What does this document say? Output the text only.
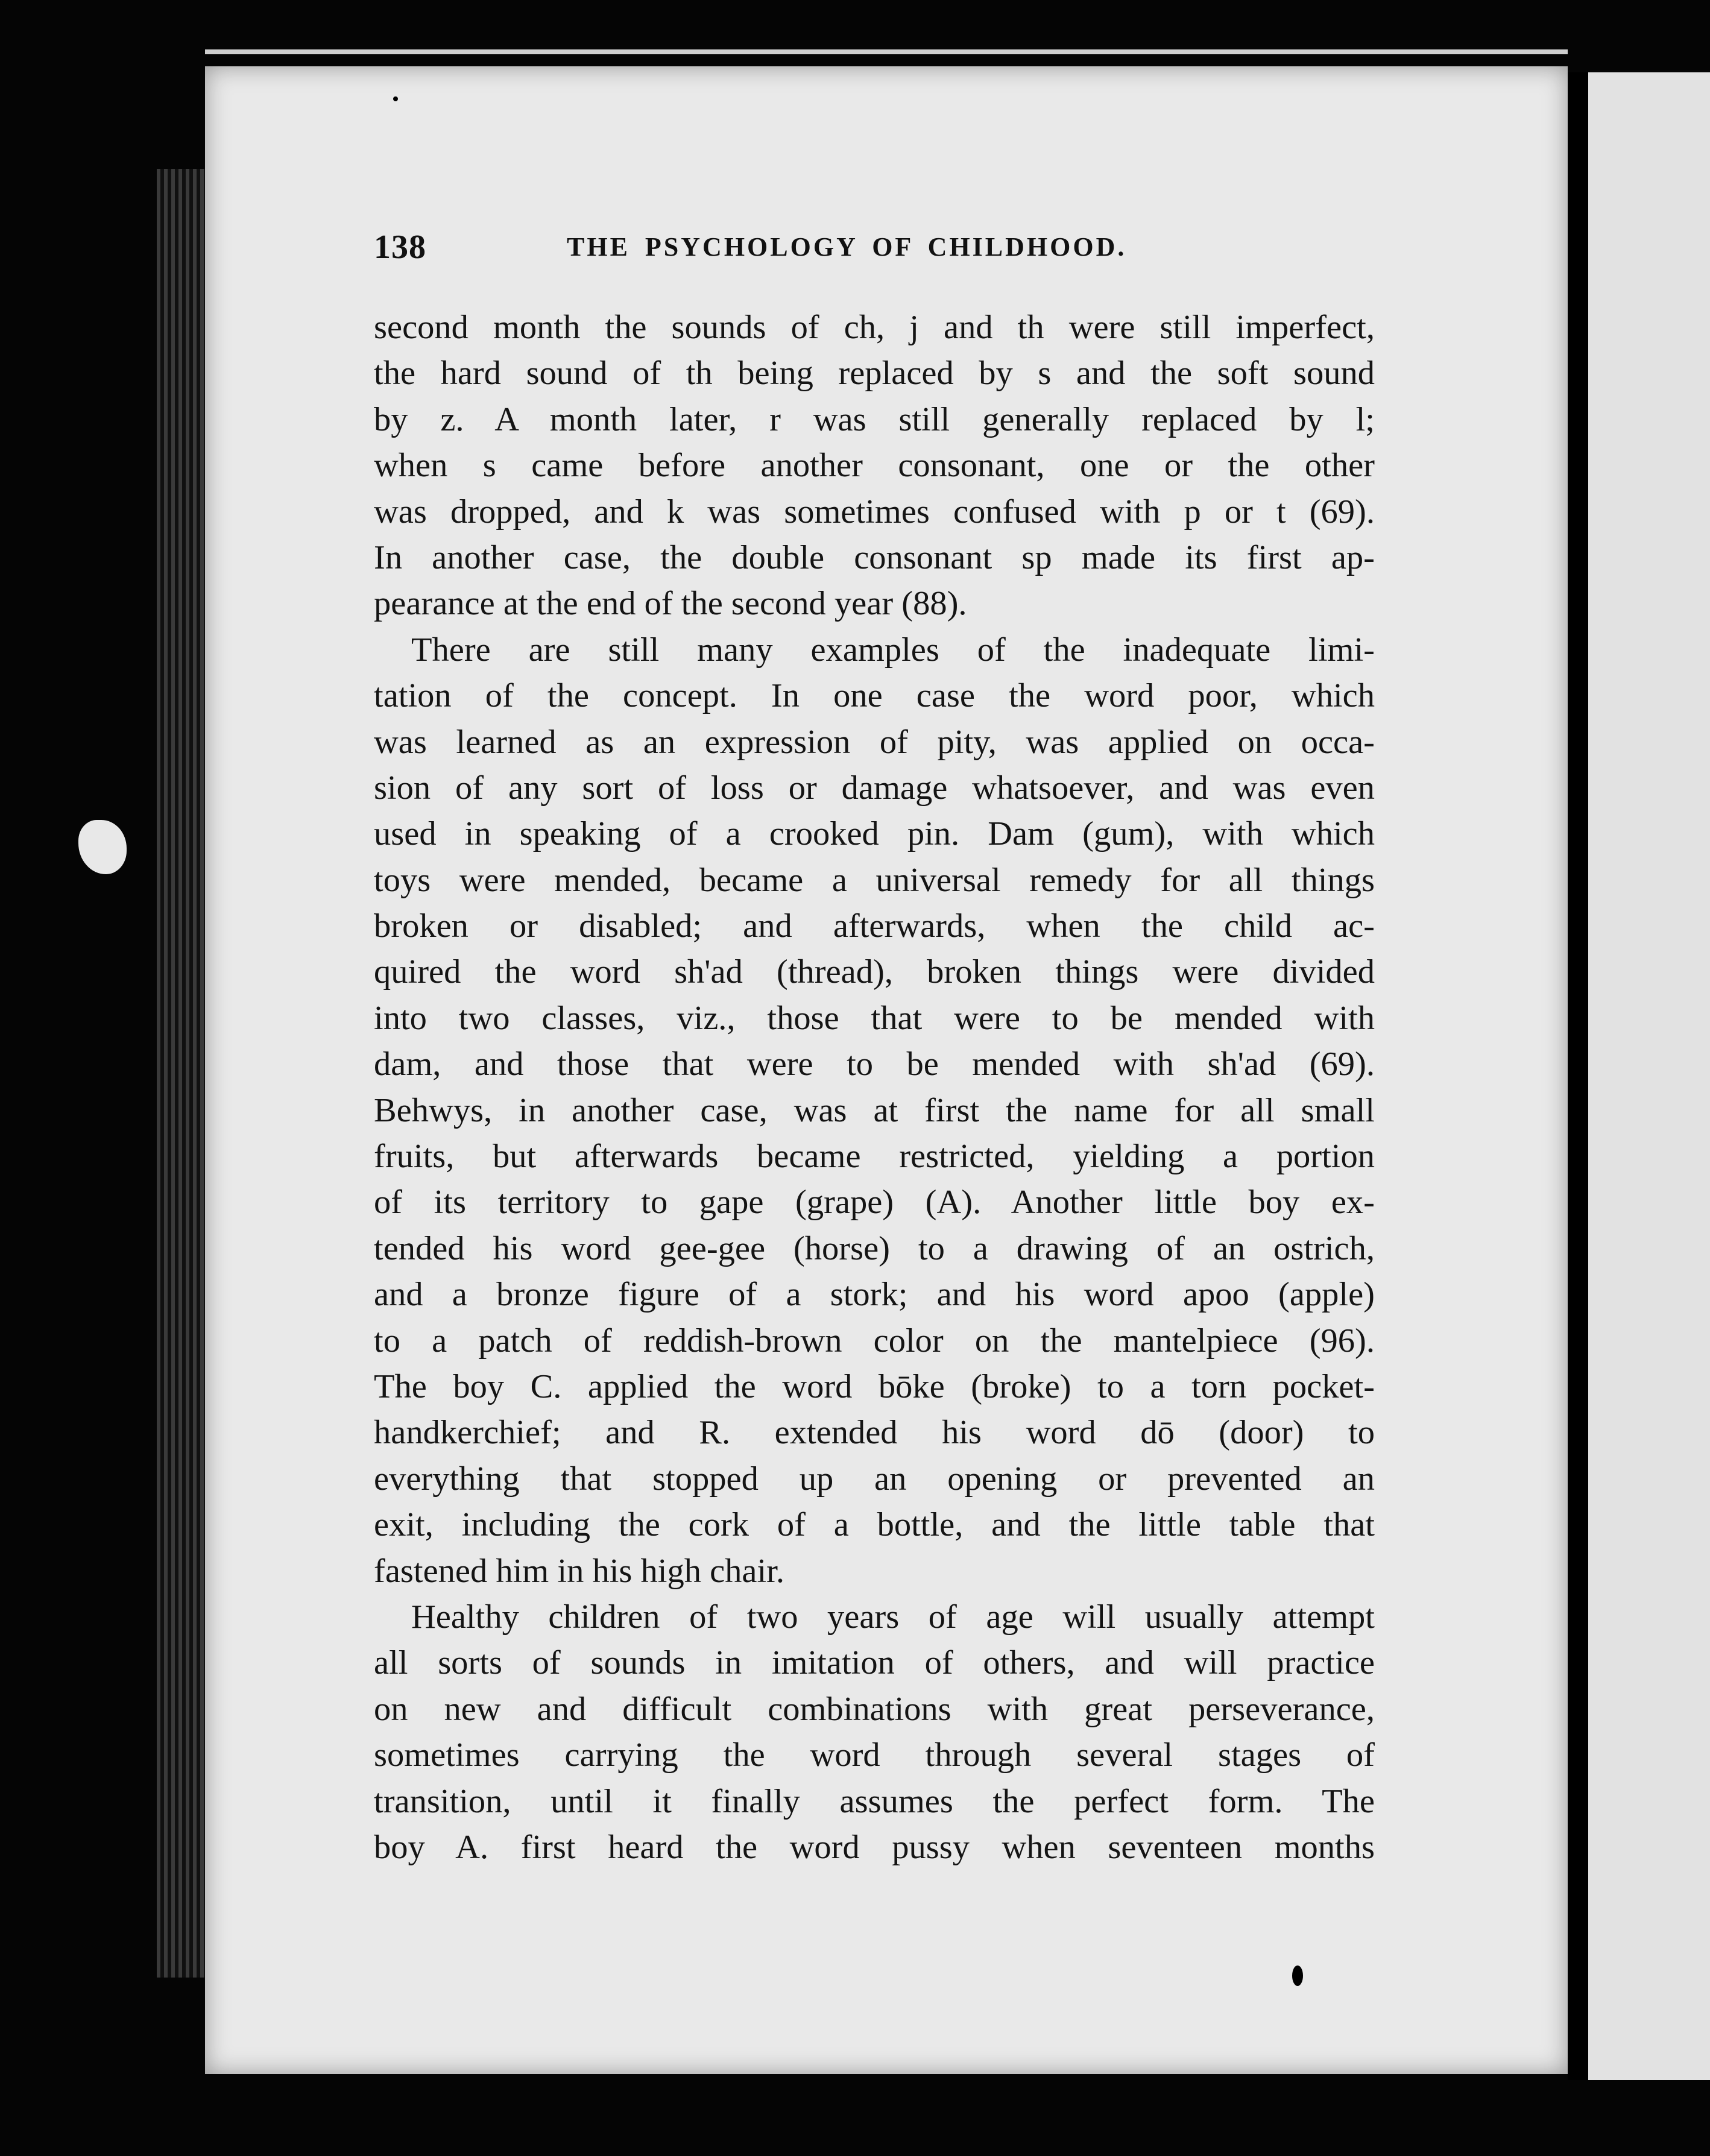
138	THE PSYCHOLOGY OF CHILDHOOD.
second month the sounds of ch, j and th were still imperfect,
the hard sound of th being replaced by s and the soft sound
by z. A month later, r was still generally replaced by l;
when s came before another consonant, one or the other
was dropped, and k was sometimes confused with p or t (69).
In another case, the double consonant sp made its first ap-
pearance at the end of the second year (88).
There are still many examples of the inadequate limi-
tation of the concept. In one case the word poor, which
was learned as an expression of pity, was applied on occa-
sion of any sort of loss or damage whatsoever, and was even
used in speaking of a crooked pin. Dam (gum), with which
toys were mended, became a universal remedy for all things
broken or disabled; and afterwards, when the child ac-
quired the word sh'ad (thread), broken things were divided
into two classes, viz., those that were to be mended with
dam, and those that were to be mended with sh'ad (69).
Behwys, in another case, was at first the name for all small
fruits, but afterwards became restricted, yielding a portion
of its territory to gape (grape) (A). Another little boy ex-
tended his word gee-gee (horse) to a drawing of an ostrich,
and a bronze figure of a stork; and his word apoo (apple)
to a patch of reddish-brown color on the mantelpiece (96).
The boy C. applied the word bōke (broke) to a torn pocket-
handkerchief; and R. extended his word dō (door) to
everything that stopped up an opening or prevented an
exit, including the cork of a bottle, and the little table that
fastened him in his high chair.
Healthy children of two years of age will usually attempt
all sorts of sounds in imitation of others, and will practice
on new and difficult combinations with great perseverance,
sometimes carrying the word through several stages of
transition, until it finally assumes the perfect form. The
boy A. first heard the word pussy when seventeen months
